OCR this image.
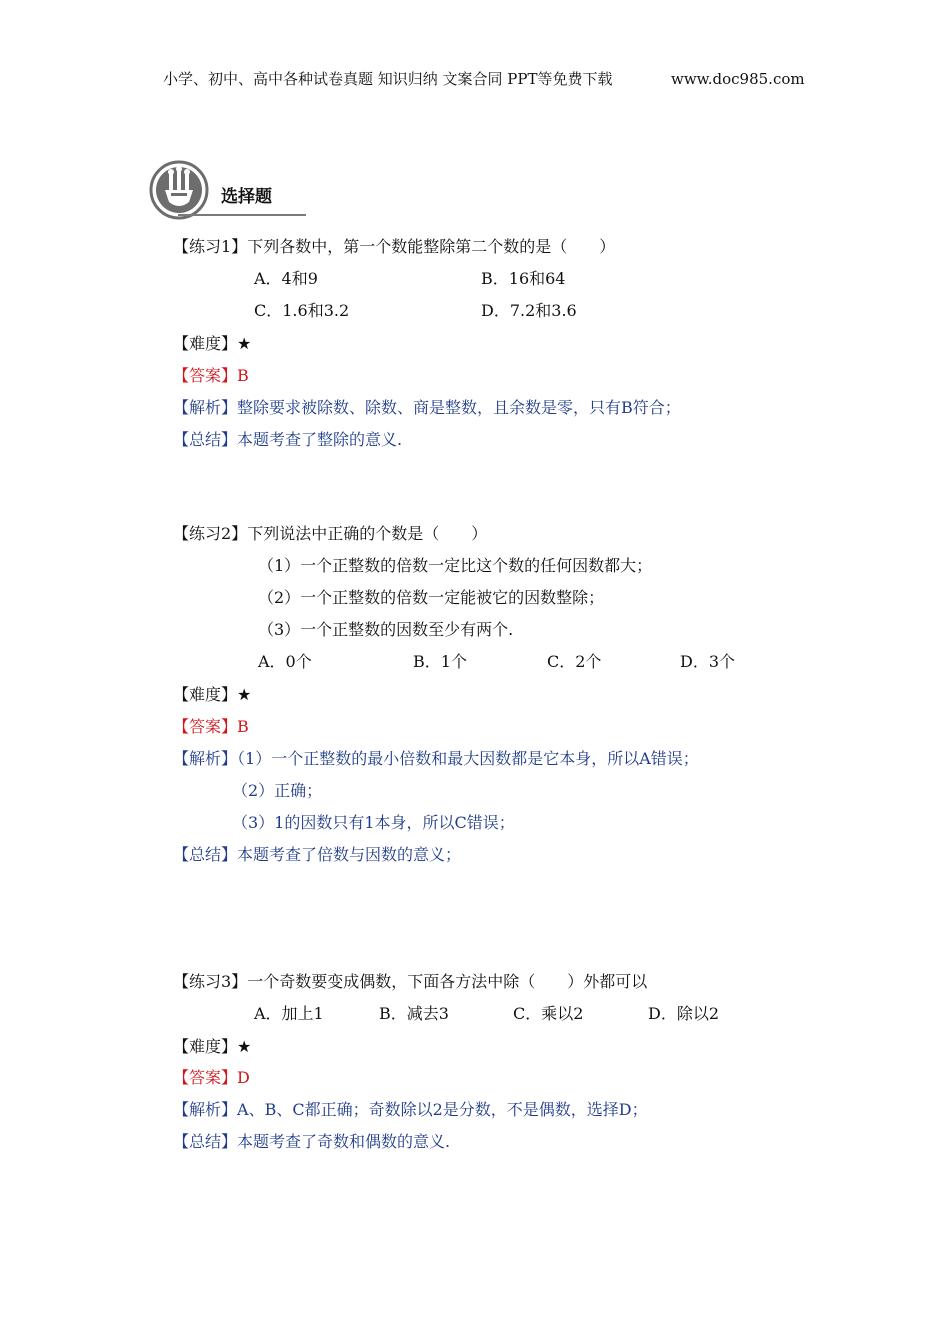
小学、初中、高中各种试卷真题 知识归纳 文案合同 PPT等免费下载	www.doc985.com
选择题
【练习1】下列各数中，第一个数能整除第二个数的是（　　）
A．4和9	B．16和64
C．1.6和3.2	D．7.2和3.6
【难度】★
【答案】B
【解析】整除要求被除数、除数、商是整数，且余数是零，只有B符合；
【总结】本题考查了整除的意义.
【练习2】下列说法中正确的个数是（　　）
（1）一个正整数的倍数一定比这个数的任何因数都大；
（2）一个正整数的倍数一定能被它的因数整除；
（3）一个正整数的因数至少有两个.
A．0个	B．1个	C．2个	D．3个
【难度】★
【答案】B
【解析】（1）一个正整数的最小倍数和最大因数都是它本身，所以A错误；
（2）正确；
（3）1的因数只有1本身，所以C错误；
【总结】本题考查了倍数与因数的意义；
【练习3】一个奇数要变成偶数，下面各方法中除（　　）外都可以
A．加上1	B．减去3	C．乘以2	D．除以2
【难度】★
【答案】D
【解析】A、B、C都正确；奇数除以2是分数，不是偶数，选择D；
【总结】本题考查了奇数和偶数的意义.
